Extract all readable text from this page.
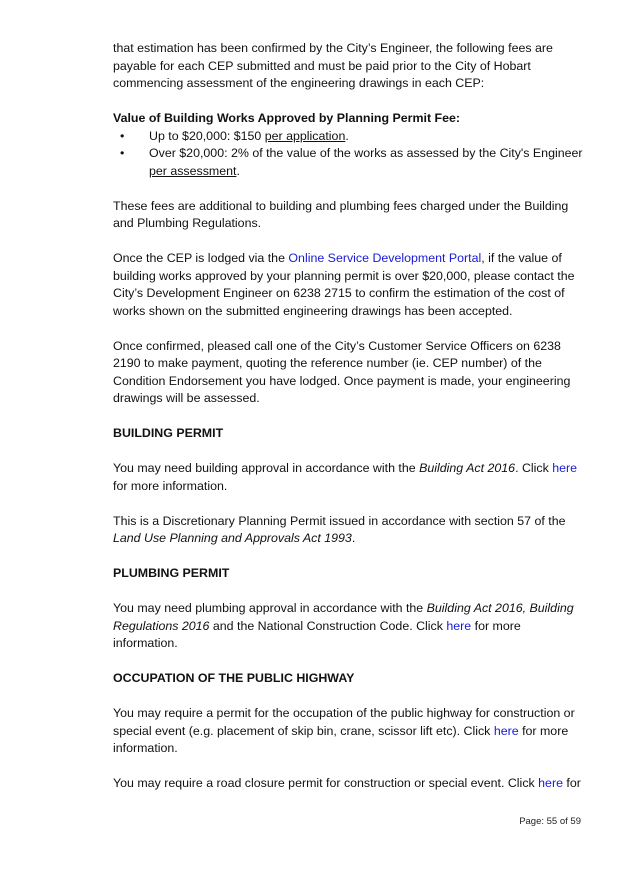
that estimation has been confirmed by the City’s Engineer, the following fees are payable for each CEP submitted and must be paid prior to the City of Hobart commencing assessment of the engineering drawings in each CEP:

Value of Building Works Approved by Planning Permit Fee:

• Up to $20,000: $150 per application.
• Over $20,000: 2% of the value of the works as assessed by the City's Engineer per assessment.

These fees are additional to building and plumbing fees charged under the Building and Plumbing Regulations.

Once the CEP is lodged via the Online Service Development Portal, if the value of building works approved by your planning permit is over $20,000, please contact the City’s Development Engineer on 6238 2715 to confirm the estimation of the cost of works shown on the submitted engineering drawings has been accepted.

Once confirmed, pleased call one of the City’s Customer Service Officers on 6238 2190 to make payment, quoting the reference number (ie. CEP number) of the Condition Endorsement you have lodged. Once payment is made, your engineering drawings will be assessed.

BUILDING PERMIT

You may need building approval in accordance with the Building Act 2016. Click here for more information.

This is a Discretionary Planning Permit issued in accordance with section 57 of the Land Use Planning and Approvals Act 1993.

PLUMBING PERMIT

You may need plumbing approval in accordance with the Building Act 2016, Building Regulations 2016 and the National Construction Code. Click here for more information.

OCCUPATION OF THE PUBLIC HIGHWAY

You may require a permit for the occupation of the public highway for construction or special event (e.g. placement of skip bin, crane, scissor lift etc). Click here for more information.

You may require a road closure permit for construction or special event. Click here for

Page: 55 of 59
